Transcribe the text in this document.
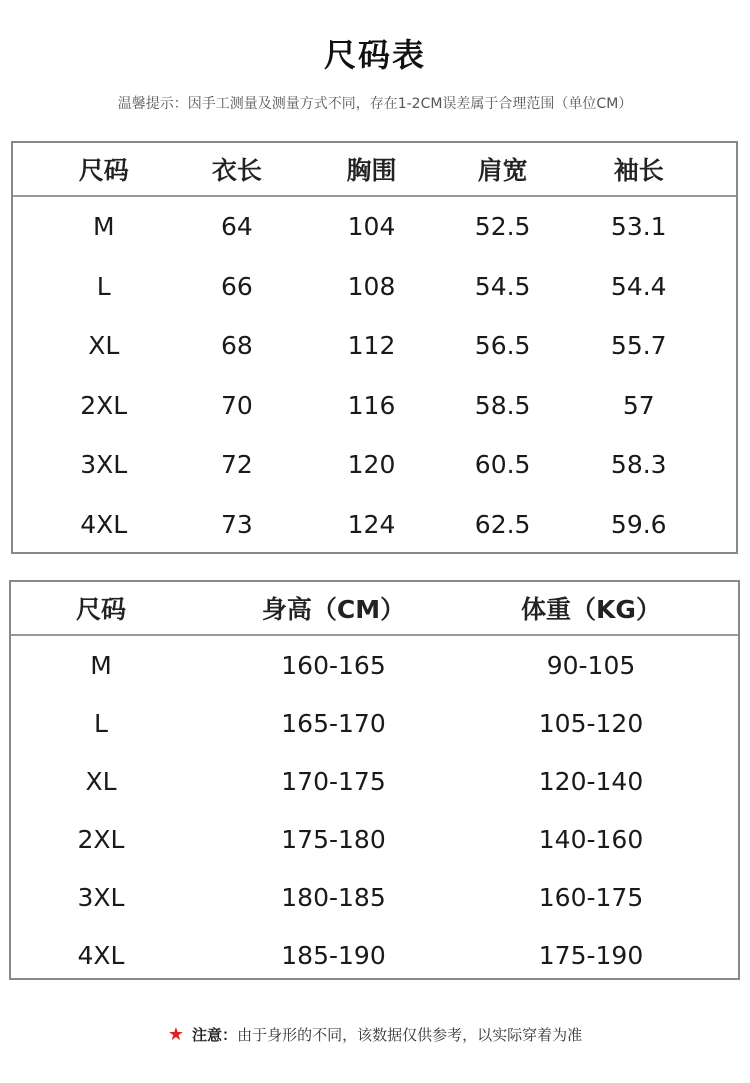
尺码表
温馨提示：因手工测量及测量方式不同，存在1-2CM误差属于合理范围（单位CM）
尺码	衣长	胸围	肩宽	袖长
M	64	104	52.5	53.1
L	66	108	54.5	54.4
XL	68	112	56.5	55.7
2XL	70	116	58.5	57
3XL	72	120	60.5	58.3
4XL	73	124	62.5	59.6
尺码	身高（CM）	体重（KG）
M	160-165	90-105
L	165-170	105-120
XL	170-175	120-140
2XL	175-180	140-160
3XL	180-185	160-175
4XL	185-190	175-190
★ 注意：由于身形的不同，该数据仅供参考，以实际穿着为准
